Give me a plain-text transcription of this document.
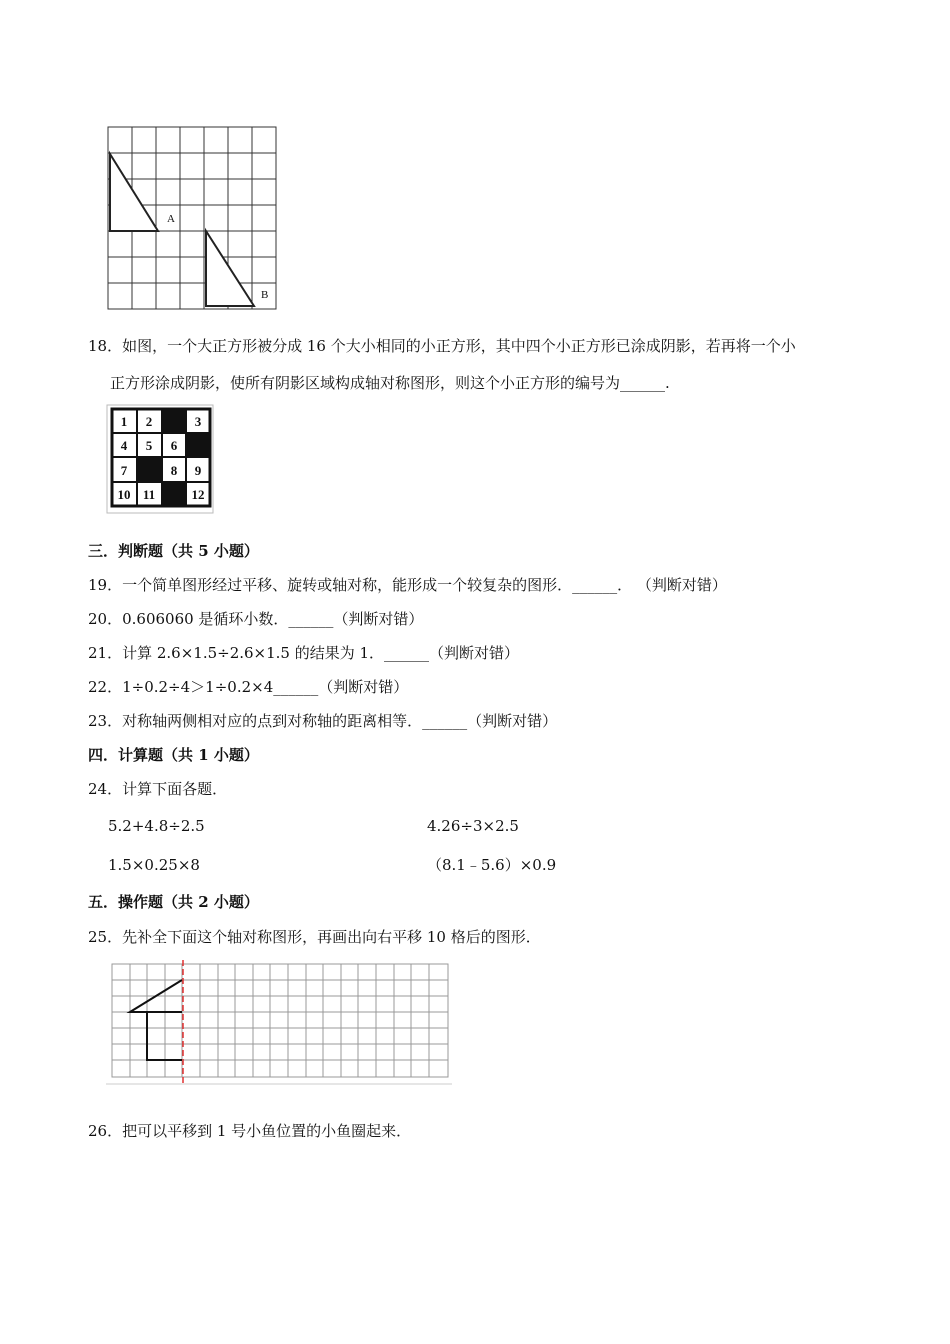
A
B
18．如图，一个大正方形被分成 16 个大小相同的小正方形，其中四个小正方形已涂成阴影，若再将一个小
正方形涂成阴影，使所有阴影区域构成轴对称图形，则这个小正方形的编号为______.
1 2	3
4 5 6
7	8 9
10 11	12
三．判断题（共 5 小题）
19．一个简单图形经过平移、旋转或轴对称，能形成一个较复杂的图形．______． （判断对错）
20．0.606060 是循环小数．______（判断对错）
21．计算 2.6×1.5÷2.6×1.5 的结果为 1．______（判断对错）
22．1÷0.2÷4＞1÷0.2×4______（判断对错）
23．对称轴两侧相对应的点到对称轴的距离相等．______（判断对错）
四．计算题（共 1 小题）
24．计算下面各题．
5.2+4.8÷2.5	4.26÷3×2.5
1.5×0.25×8	（8.1﹣5.6）×0.9
五．操作题（共 2 小题）
25．先补全下面这个轴对称图形，再画出向右平移 10 格后的图形．
26．把可以平移到 1 号小鱼位置的小鱼圈起来．
